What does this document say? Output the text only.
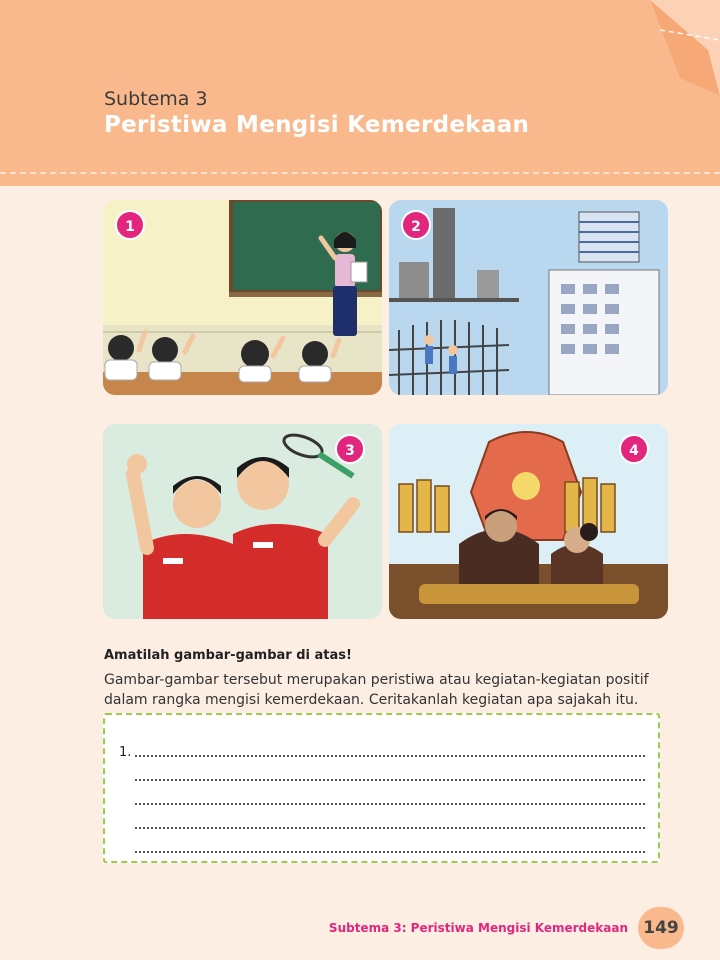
Subtema 3
Peristiwa Mengisi Kemerdekaan
1	2
3	4
Amatilah gambar-gambar di atas!
Gambar-gambar tersebut merupakan peristiwa atau kegiatan-kegiatan positif dalam rangka mengisi kemerdekaan. Ceritakanlah kegiatan apa sajakah itu.
1.
Subtema 3: Peristiwa Mengisi Kemerdekaan 149
